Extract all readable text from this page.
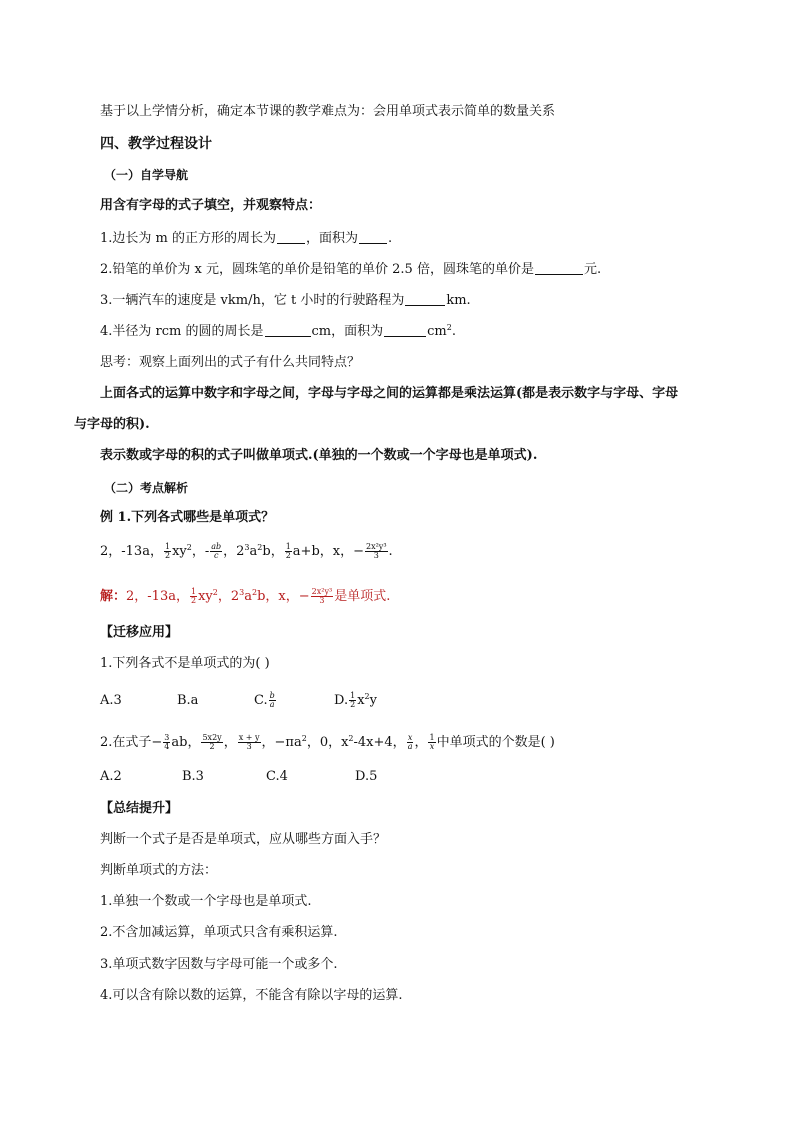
基于以上学情分析，确定本节课的教学难点为：会用单项式表示简单的数量关系
四、教学过程设计
（一）自学导航
用含有字母的式子填空，并观察特点：
1.边长为 m 的正方形的周长为 ，面积为 .
2.铅笔的单价为 x 元，圆珠笔的单价是铅笔的单价 2.5 倍，圆珠笔的单价是	元.
3.一辆汽车的速度是 vkm/h，它 t 小时的行驶路程为	km.
4.半径为 rcm 的圆的周长是	cm，面积为	$cm^2$.
思考：观察上面列出的式子有什么共同特点？
上面各式的运算中数字和字母之间，字母与字母之间的运算都是乘法运算(都是表示数字与字母、字母
与字母的积).
表示数或字母的积的式子叫做单项式.(单独的一个数或一个字母也是单项式).
（二）考点解析
例 1.下列各式哪些是单项式？
2，-13a， $\frac{1}{2} xy^2$，- $\frac{ab}{c}$ ，$2^3a^2b$， $\frac{1}{2} a+b$，x，− $\frac{\text{2x²y³}}{3}$ .
解：2，-13a， $\frac{1}{2} xy^2$，$2^3a^2b$，x，− $\frac{\text{2x²y³}}{3}$ 是单项式.
【迁移应用】
1.下列各式不是单项式的为( )
A.3	B.a	C. $\frac{b}{a}$	D. $\frac{1}{2} x^2y$
2.在式子− $\frac{3}{4}$ ab， $\frac{5x2y}{2}$ ， $\frac{x + y}{3}$ ，$-\pi a^2$，0，$x^2-4x+4$， $\frac{x}{a}$ ， $\frac{1}{x}$ 中单项式的个数是( )
A.2	B.3	C.4	D.5
【总结提升】
判断一个式子是否是单项式，应从哪些方面入手？
判断单项式的方法：
1.单独一个数或一个字母也是单项式.
2.不含加减运算，单项式只含有乘积运算.
3.单项式数字因数与字母可能一个或多个.
4.可以含有除以数的运算，不能含有除以字母的运算.
